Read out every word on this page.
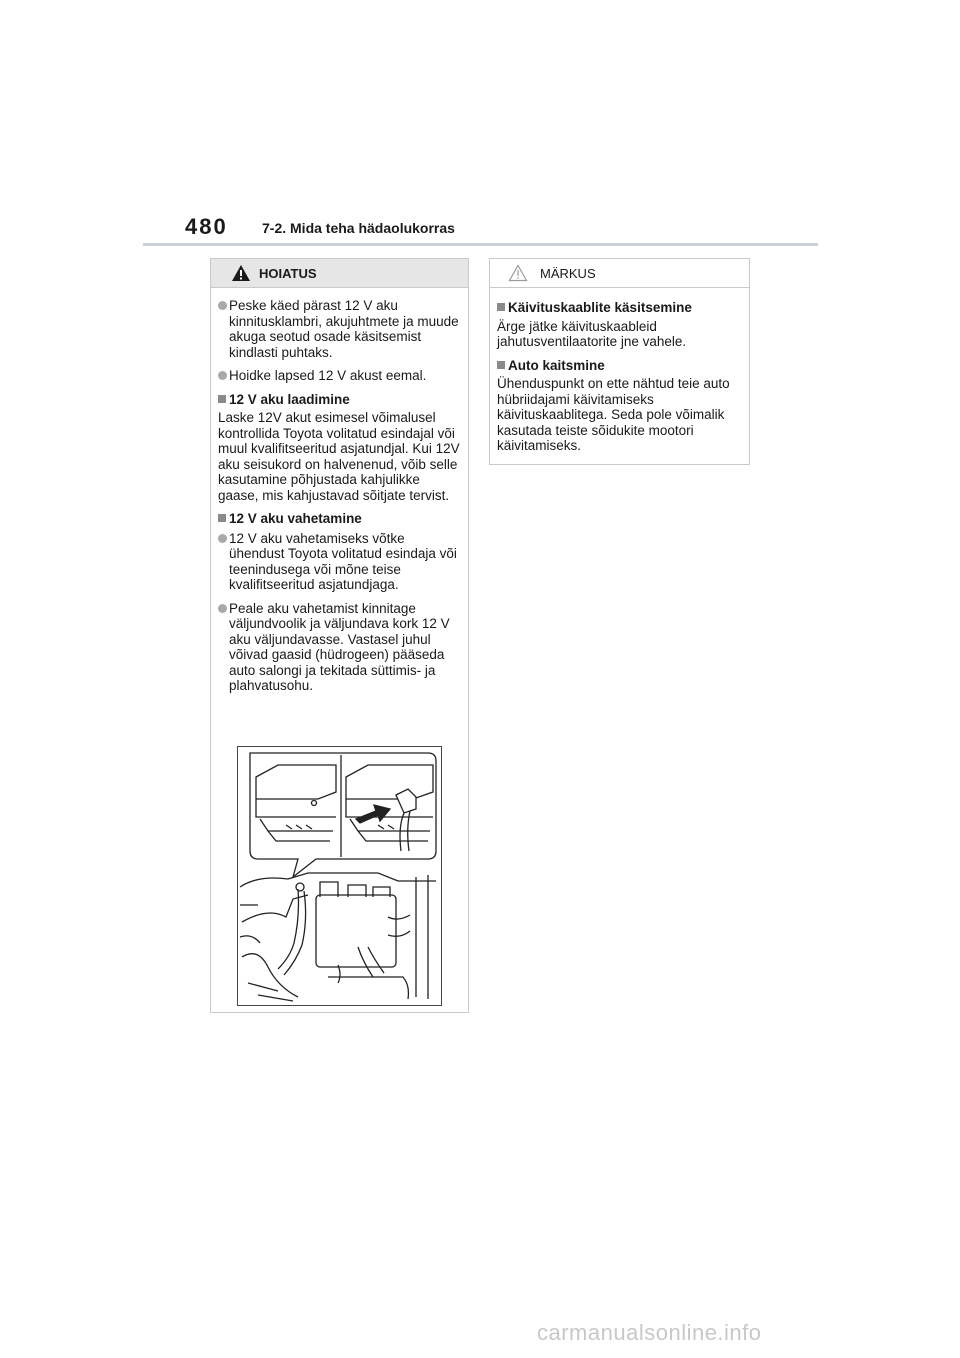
480 7-2. Mida teha hädaolukorras
HOIATUS
Peske käed pärast 12 V aku kinnitusklambri, akujuhtmete ja muude akuga seotud osade käsitsemist kindlasti puhtaks.
Hoidke lapsed 12 V akust eemal.
12 V aku laadimine
Laske 12V akut esimesel võimalusel kontrollida Toyota volitatud esindajal või muul kvalifitseeritud asjatundjal. Kui 12V aku seisukord on halvenenud, võib selle kasutamine põhjustada kahjulikke gaase, mis kahjustavad sõitjate tervist.
12 V aku vahetamine
12 V aku vahetamiseks võtke ühendust Toyota volitatud esindaja või teenindusega või mõne teise kvalifitseeritud asjatundjaga.
Peale aku vahetamist kinnitage väljundvoolik ja väljundava kork 12 V aku väljundavasse. Vastasel juhul võivad gaasid (hüdrogeen) pääseda auto salongi ja tekitada süttimis- ja plahvatusohu.
MÄRKUS
Käivituskaablite käsitsemine
Ärge jätke käivituskaableid jahutusventilaatorite jne vahele.
Auto kaitsmine
Ühenduspunkt on ette nähtud teie auto hübriidajami käivitamiseks käivituskaablitega. Seda pole võimalik kasutada teiste sõidukite mootori käivitamiseks.
carmanualsonline.info
